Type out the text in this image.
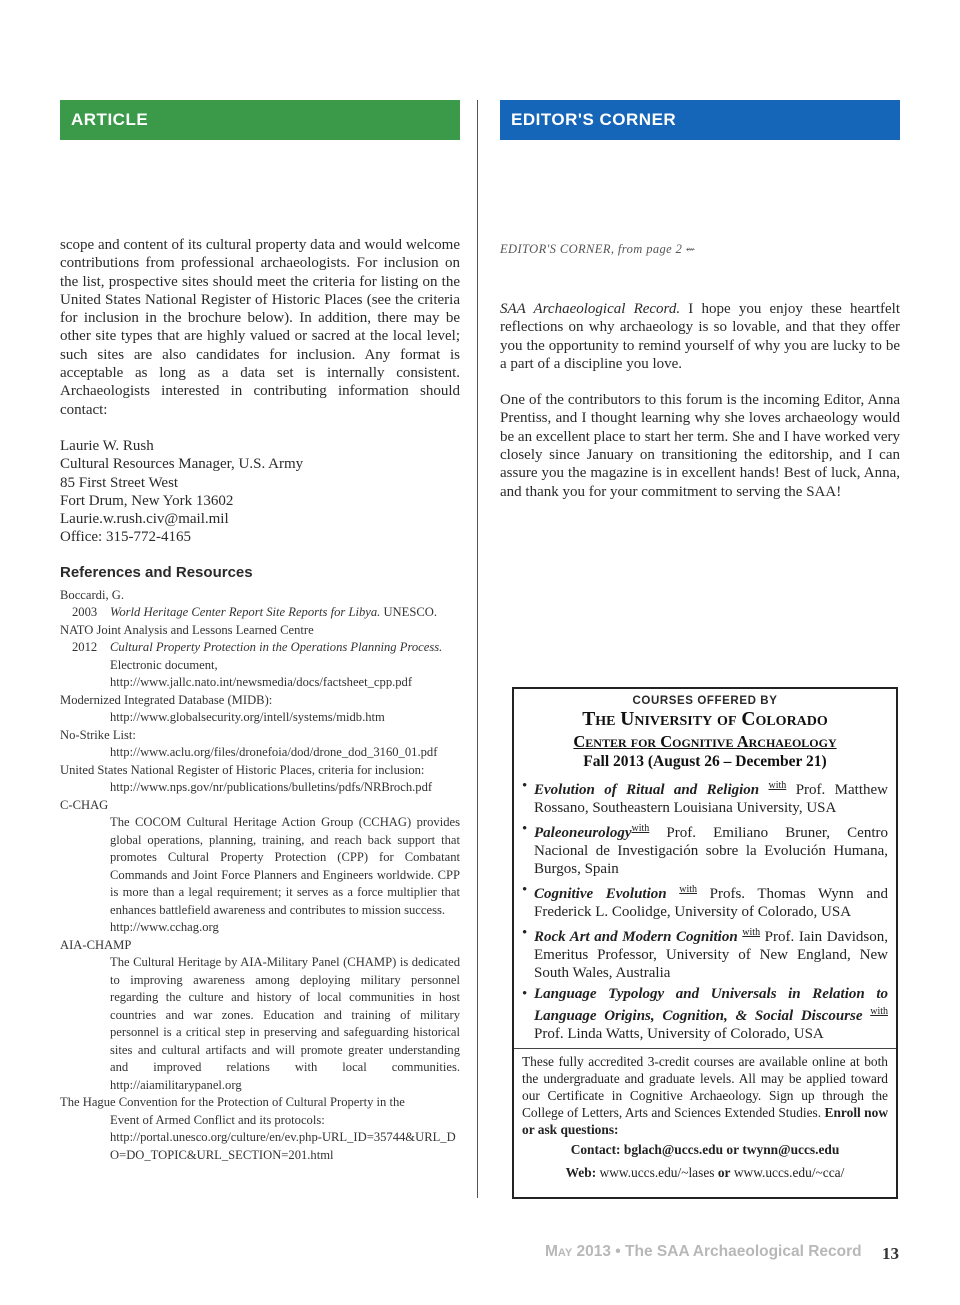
ARTICLE	EDITOR'S CORNER

scope and content of its cultural property data and would welcome contributions from professional archaeologists. For inclusion on the list, prospective sites should meet the criteria for listing on the United States National Register of Historic Places (see the criteria for inclusion in the brochure below). In addition, there may be other site types that are highly valued or sacred at the local level; such sites are also candidates for inclusion. Any format is acceptable as long as a data set is internally consistent. Archaeologists interested in contributing information should contact:

Laurie W. Rush
Cultural Resources Manager, U.S. Army
85 First Street West
Fort Drum, New York 13602
Laurie.w.rush.civ@mail.mil
Office: 315-772-4165
References and Resources
Boccardi, G.
2003 World Heritage Center Report Site Reports for Libya. UNESCO.
NATO Joint Analysis and Lessons Learned Centre
2012 Cultural Property Protection in the Operations Planning Process.
Electronic document,
http://www.jallc.nato.int/newsmedia/docs/factsheet_cpp.pdf
Modernized Integrated Database (MIDB):
http://www.globalsecurity.org/intell/systems/midb.htm
No-Strike List:
http://www.aclu.org/files/dronefoia/dod/drone_dod_3160_01.pdf
United States National Register of Historic Places, criteria for inclusion:
http://www.nps.gov/nr/publications/bulletins/pdfs/NRBroch.pdf
C-CHAG
The COCOM Cultural Heritage Action Group (CCHAG) provides global operations, planning, training, and reach back support that promotes Cultural Property Protection (CPP) for Combatant Commands and Joint Force Planners and Engineers worldwide. CPP is more than a legal requirement; it serves as a force multiplier that enhances battlefield awareness and contributes to mission success.
http://www.cchag.org
AIA-CHAMP
The Cultural Heritage by AIA-Military Panel (CHAMP) is dedicated to improving awareness among deploying military personnel regarding the culture and history of local communities in host countries and war zones. Education and training of military personnel is a critical step in preserving and safeguarding historical sites and cultural artifacts and will promote greater understanding and improved relations with local communities. http://aiamilitarypanel.org
The Hague Convention for the Protection of Cultural Property in the
Event of Armed Conflict and its protocols:
http://portal.unesco.org/culture/en/ev.php-URL_ID=35744&URL_DO=DO_TOPIC&URL_SECTION=201.html
EDITOR'S CORNER, from page 2 ⇜

SAA Archaeological Record. I hope you enjoy these heartfelt reflections on why archaeology is so lovable, and that they offer you the opportunity to remind yourself of why you are lucky to be a part of a discipline you love.

One of the contributors to this forum is the incoming Editor, Anna Prentiss, and I thought learning why she loves archaeology would be an excellent place to start her term. She and I have worked very closely since January on transitioning the editorship, and I can assure you the magazine is in excellent hands! Best of luck, Anna, and thank you for your commitment to serving the SAA!

COURSES OFFERED BY
The University of Colorado
Center for Cognitive Archaeology
Fall 2013 (August 26 – December 21)
• Evolution of Ritual and Religion $^{with}$ Prof. Matthew Rossano, Southeastern Louisiana University, USA
• Paleoneurology$^{with}$ Prof. Emiliano Bruner, Centro Nacional de Investigación sobre la Evolución Humana, Burgos, Spain
• Cognitive Evolution $^{with}$ Profs. Thomas Wynn and Frederick L. Coolidge, University of Colorado, USA
• Rock Art and Modern Cognition $^{with}$ Prof. Iain Davidson, Emeritus Professor, University of New England, New South Wales, Australia
• Language Typology and Universals in Relation to Language Origins, Cognition, & Social Discourse $^{with}$ Prof. Linda Watts, University of Colorado, USA
These fully accredited 3-credit courses are available online at both the undergraduate and graduate levels. All may be applied toward our Certificate in Cognitive Archaeology. Sign up through the College of Letters, Arts and Sciences Extended Studies. Enroll now or ask questions:
Contact: bglach@uccs.edu or twynn@uccs.edu
Web: www.uccs.edu/~lases or www.uccs.edu/~cca/
May 2013 • The SAA Archaeological Record 13
